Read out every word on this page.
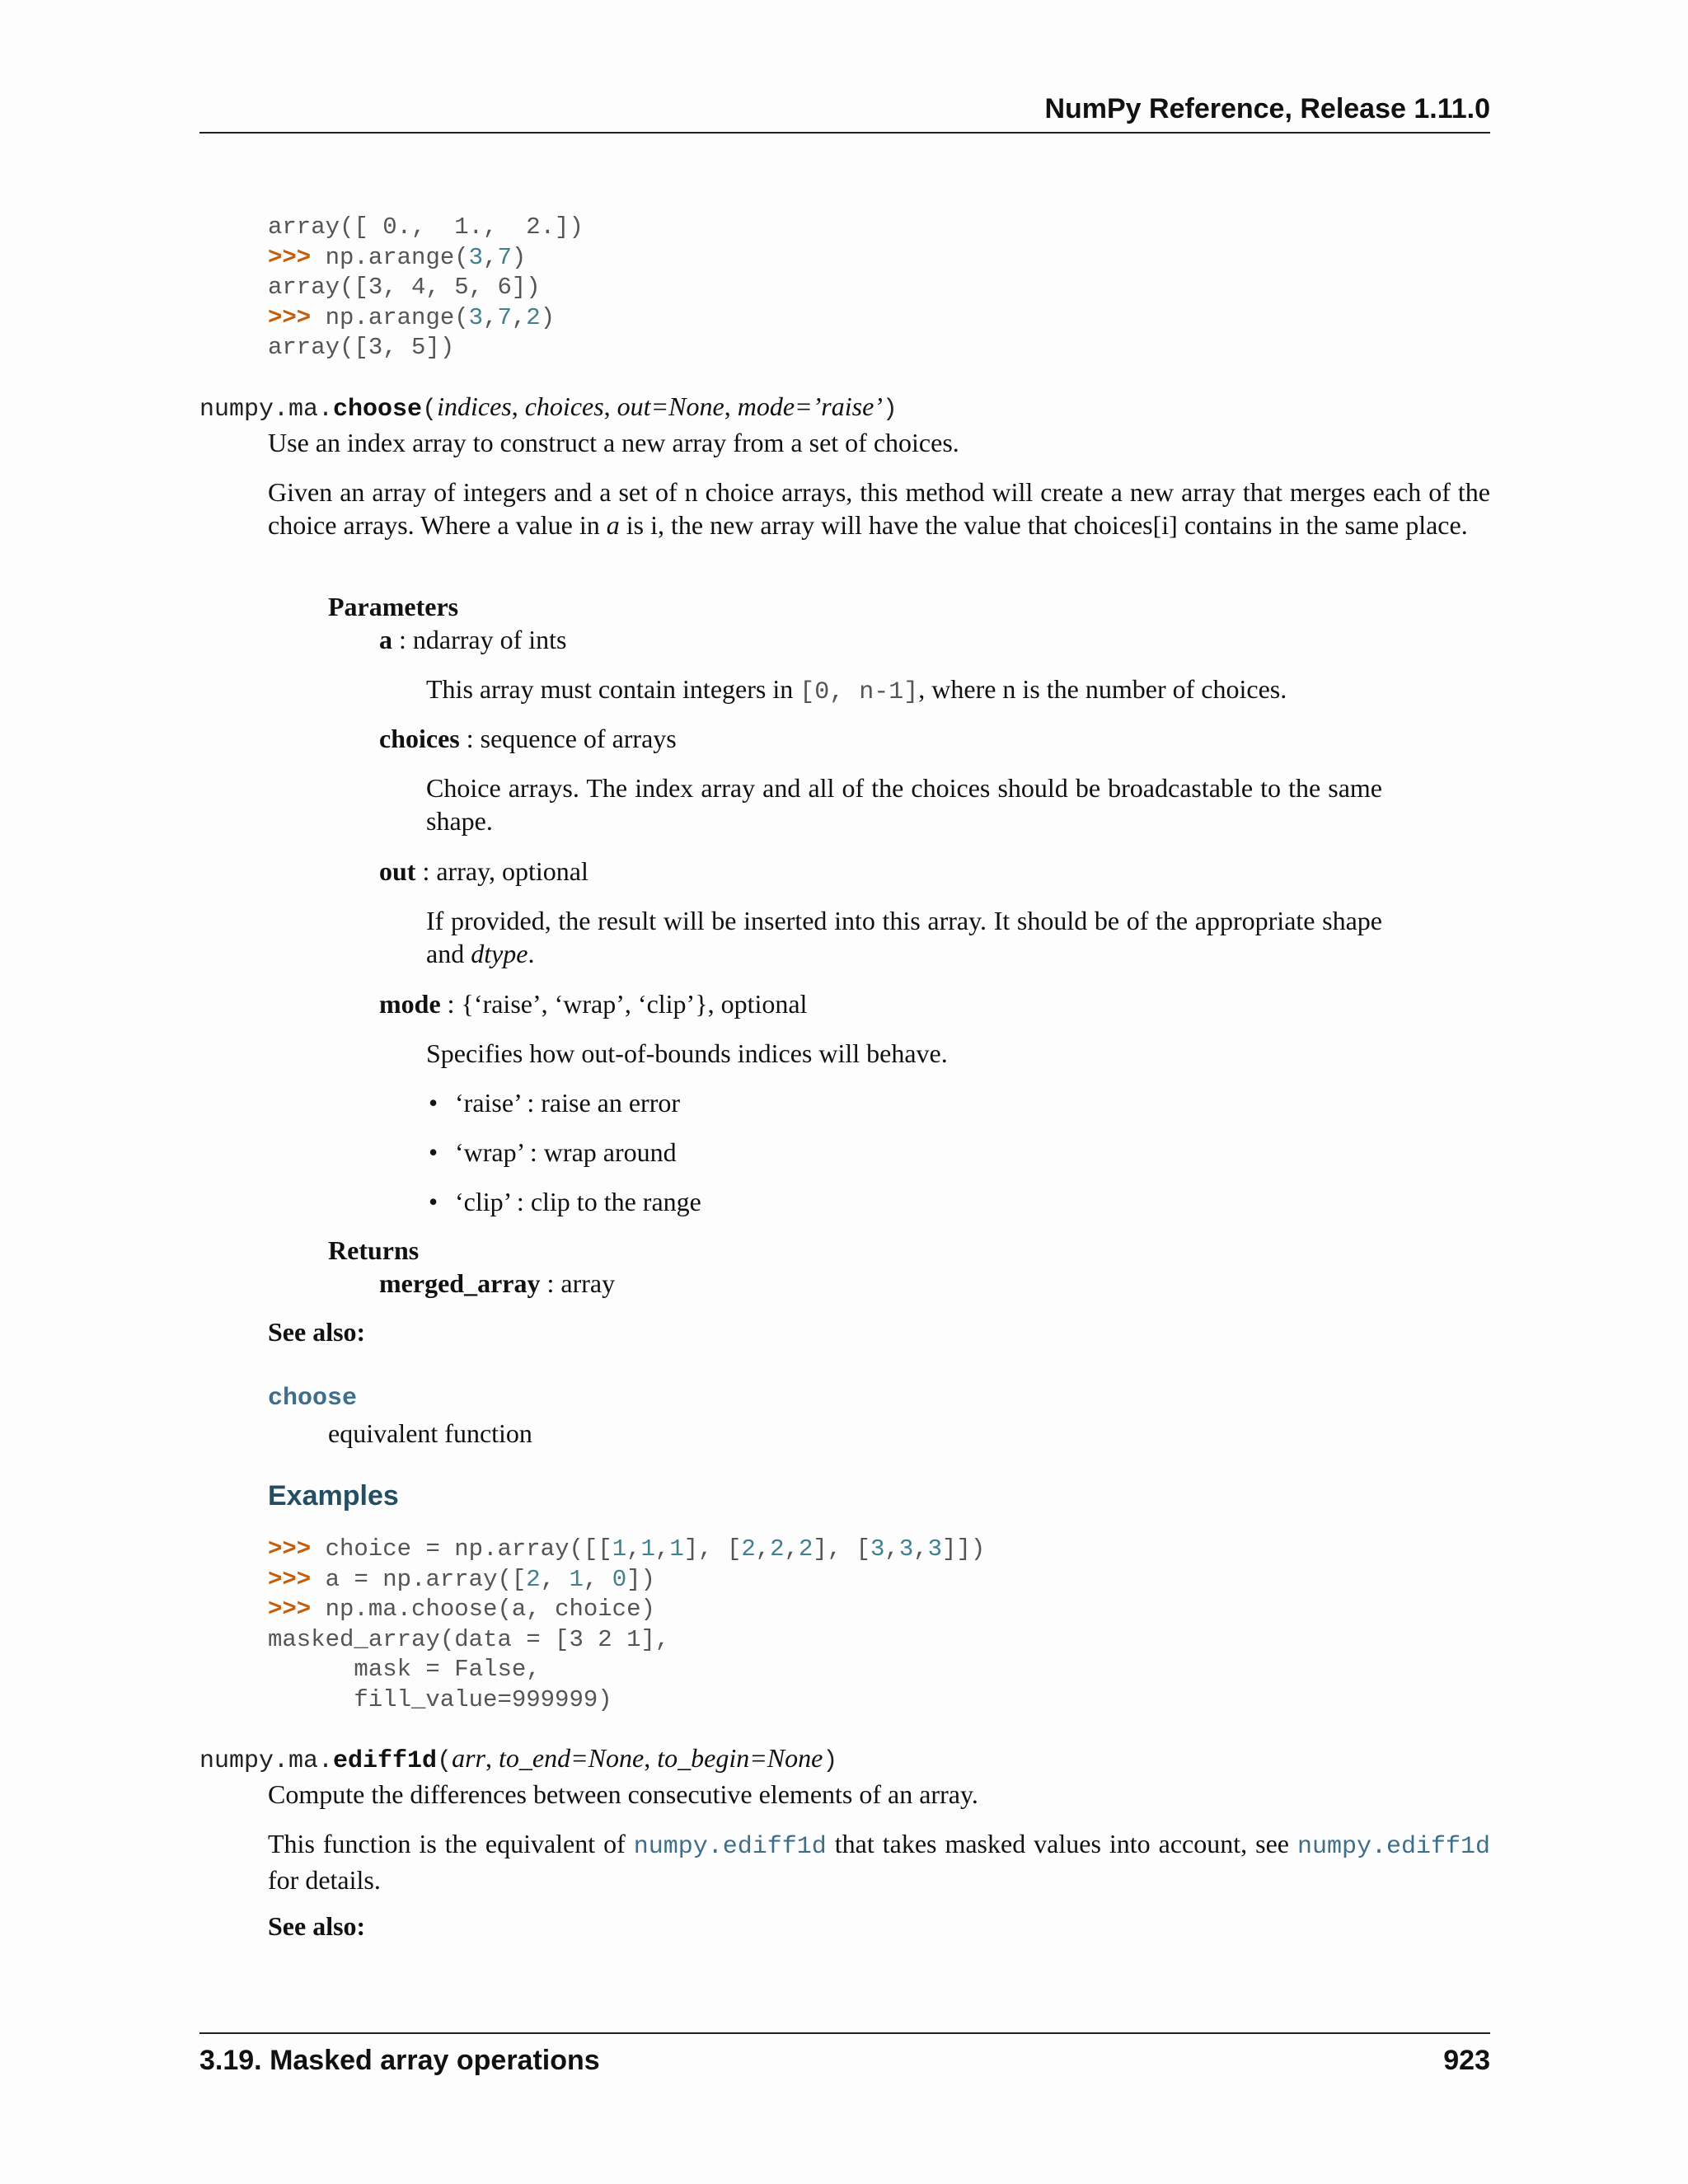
NumPy Reference, Release 1.11.0
array([ 0.,  1.,  2.])
>>> np.arange(3,7)
array([3, 4, 5, 6])
>>> np.arange(3,7,2)
array([3, 5])
numpy.ma.choose(indices, choices, out=None, mode=’raise’)
Use an index array to construct a new array from a set of choices.
Given an array of integers and a set of n choice arrays, this method will create a new array that merges each of the choice arrays. Where a value in a is i, the new array will have the value that choices[i] contains in the same place.
Parameters
a : ndarray of ints
This array must contain integers in [0, n-1], where n is the number of choices.
choices : sequence of arrays
Choice arrays. The index array and all of the choices should be broadcastable to the same shape.
out : array, optional
If provided, the result will be inserted into this array. It should be of the appropriate shape and dtype.
mode : {‘raise’, ‘wrap’, ‘clip’}, optional
Specifies how out-of-bounds indices will behave.
• ‘raise’ : raise an error
• ‘wrap’ : wrap around
• ‘clip’ : clip to the range
Returns
merged_array : array
See also:
choose
equivalent function
Examples
>>> choice = np.array([[1,1,1], [2,2,2], [3,3,3]])
>>> a = np.array([2, 1, 0])
>>> np.ma.choose(a, choice)
masked_array(data = [3 2 1],
mask = False,
fill_value=999999)
numpy.ma.ediff1d(arr, to_end=None, to_begin=None)
Compute the differences between consecutive elements of an array.
This function is the equivalent of numpy.ediff1d that takes masked values into account, see numpy.ediff1d for details.
See also:
3.19. Masked array operations	923
